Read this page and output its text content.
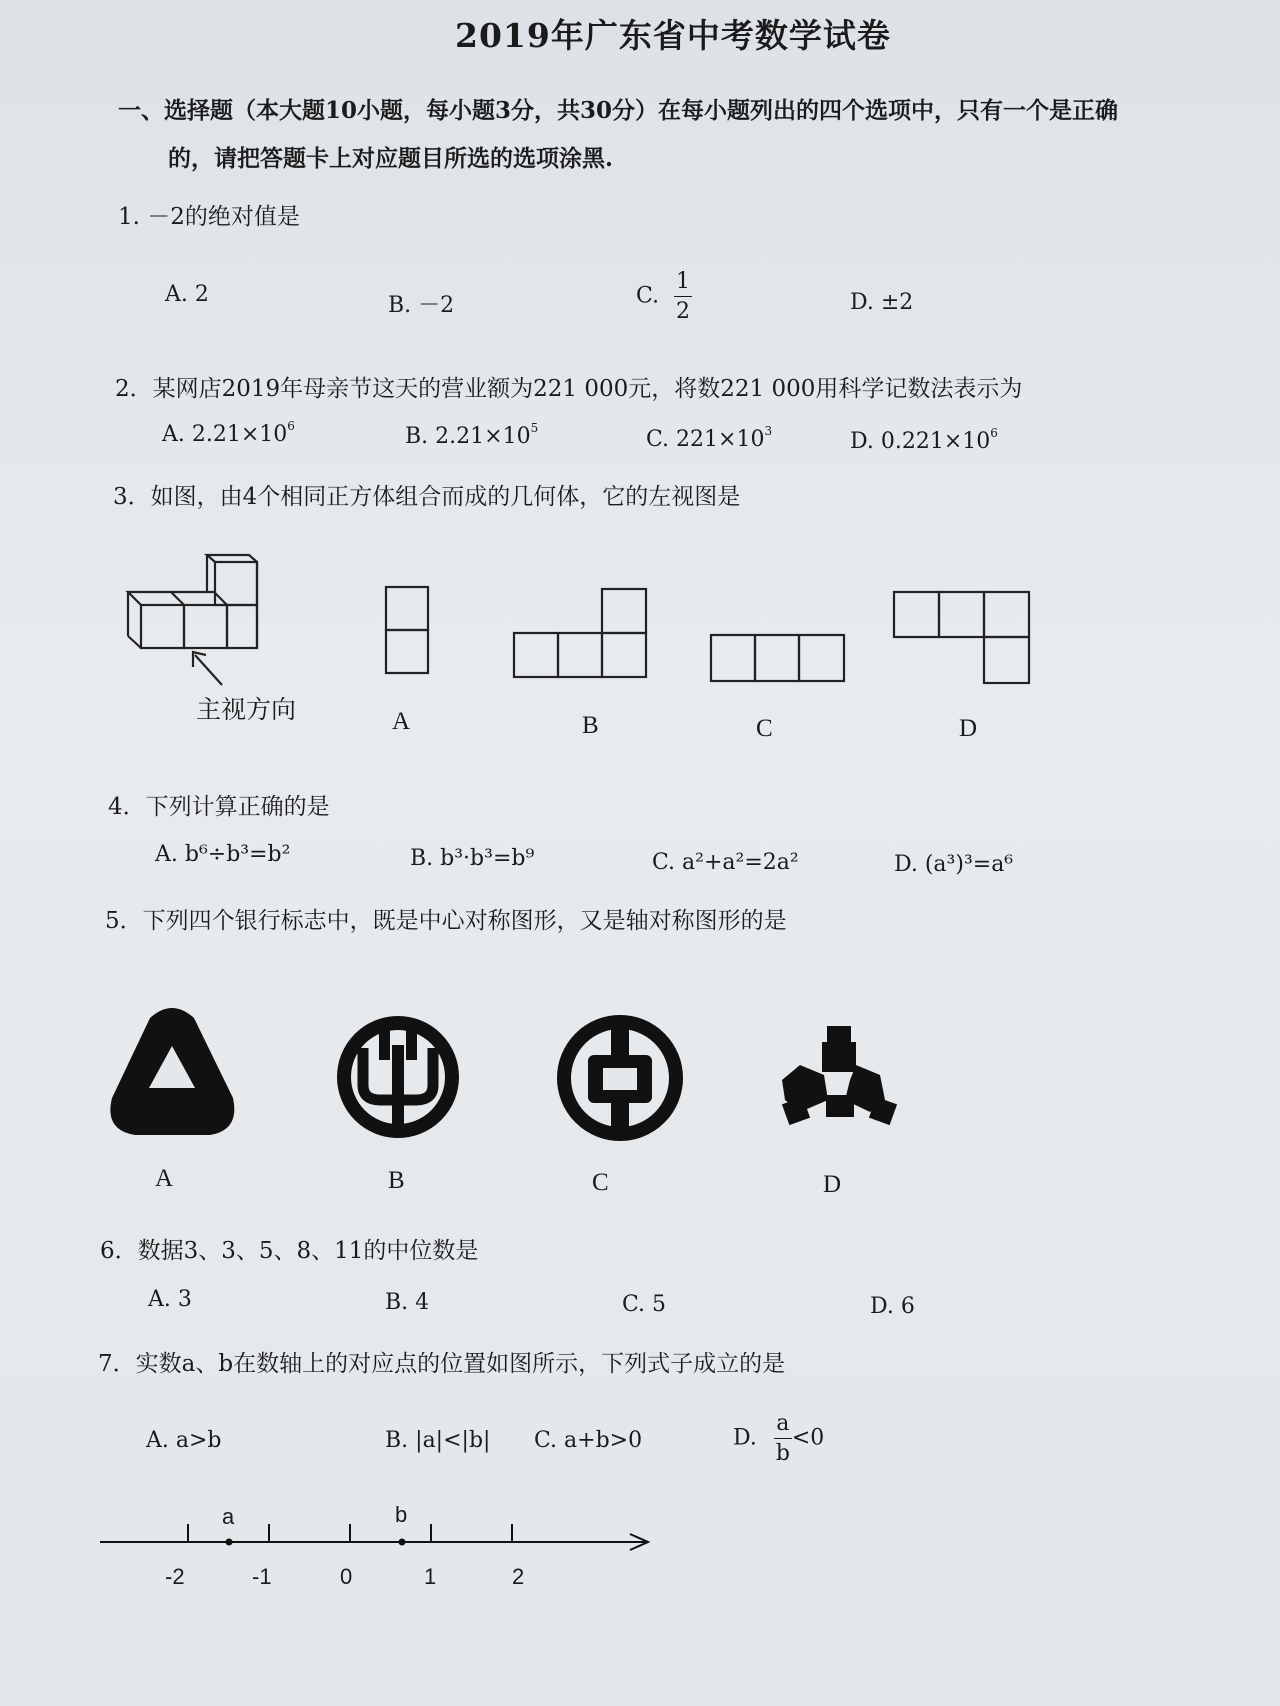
2019年广东省中考数学试卷
一、选择题（本大题10小题，每小题3分，共30分）在每小题列出的四个选项中，只有一个是正确
的，请把答题卡上对应题目所选的选项涂黑.
1. －2的绝对值是
A. 2	B. －2	C. $\frac{1}{2}$	D. ±2
2．某网店2019年母亲节这天的营业额为221 000元，将数221 000用科学记数法表示为
A. $2.21\times 10^6$	B. $2.21\times 10^5$	C. $221\times 10^3$	D. $0.221\times 10^6$
3．如图，由4个相同正方体组合而成的几何体，它的左视图是
主视方向	A	B	C	D
4．下列计算正确的是
A. b⁶÷b³=b²	B. b³·b³=b⁹	C. a²+a²=2a²	D. (a³)³=a⁶
5．下列四个银行标志中，既是中心对称图形，又是轴对称图形的是
A	B	C	D
6．数据3、3、5、8、11的中位数是
A. 3	B. 4	C. 5	D. 6
7．实数a、b在数轴上的对应点的位置如图所示，下列式子成立的是
A. a>b	B. |a|<|b| C. a+b>0	D. $\frac{a}{b} <0$
a	b
-2	-1	0	1	2
